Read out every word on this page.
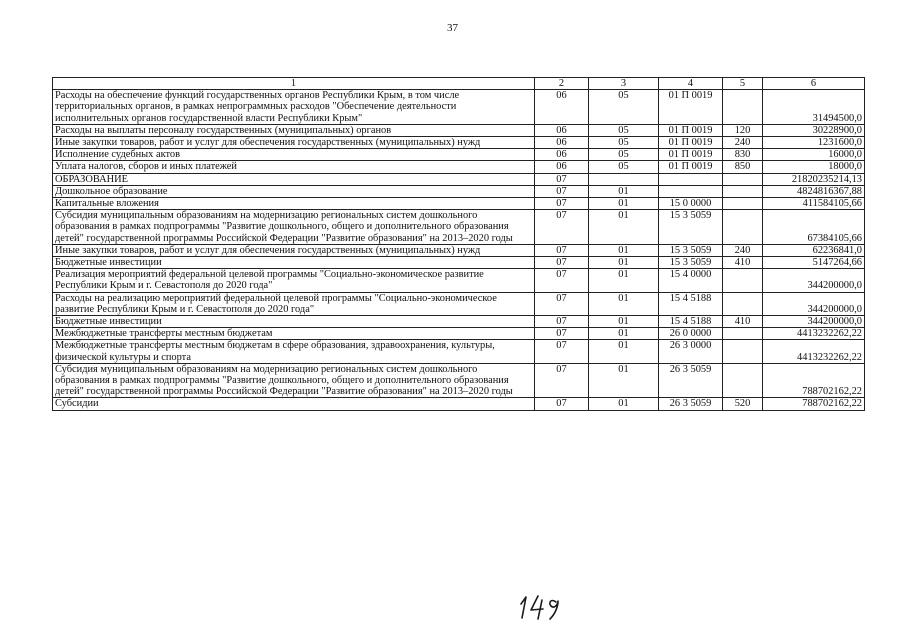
37
1	2	3	4	5	6
Расходы на обеспечение функций государственных органов Республики Крым, в том числе территориальных органов, в рамках непрограммных расходов "Обеспечение деятельности исполнительных органов государственной власти Республики Крым"	06	05	01 П 0019		31494500,0
Расходы на выплаты персоналу государственных (муниципальных) органов	06	05	01 П 0019	120	30228900,0
Иные закупки товаров, работ и услуг для обеспечения государственных (муниципальных) нужд	06	05	01 П 0019	240	1231600,0
Исполнение судебных актов	06	05	01 П 0019	830	16000,0
Уплата налогов, сборов и иных платежей	06	05	01 П 0019	850	18000,0
ОБРАЗОВАНИЕ	07				21820235214,13
Дошкольное образование	07	01			4824816367,88
Капитальные вложения	07	01	15 0 0000		411584105,66
Субсидия муниципальным образованиям на модернизацию региональных систем дошкольного образования в рамках подпрограммы "Развитие дошкольного, общего и дополнительного образования детей" государственной программы Российской Федерации "Развитие образования" на 2013–2020 годы	07	01	15 3 5059		67384105,66
Иные закупки товаров, работ и услуг для обеспечения государственных (муниципальных) нужд	07	01	15 3 5059	240	62236841,0
Бюджетные инвестиции	07	01	15 3 5059	410	5147264,66
Реализация мероприятий федеральной целевой программы "Социально-экономическое развитие Республики Крым и г. Севастополя до 2020 года"	07	01	15 4 0000		344200000,0
Расходы на реализацию мероприятий федеральной целевой программы "Социально-экономическое развитие Республики Крым и г. Севастополя до 2020 года"	07	01	15 4 5188		344200000,0
Бюджетные инвестиции	07	01	15 4 5188	410	344200000,0
Межбюджетные трансферты местным бюджетам	07	01	26 0 0000		4413232262,22
Межбюджетные трансферты местным бюджетам в сфере образования, здравоохранения, культуры, физической культуры и спорта	07	01	26 3 0000		4413232262,22
Субсидия муниципальным образованиям на модернизацию региональных систем дошкольного образования в рамках подпрограммы "Развитие дошкольного, общего и дополнительного образования детей" государственной программы Российской Федерации "Развитие образования" на 2013–2020 годы	07	01	26 3 5059		788702162,22
Субсидии	07	01	26 3 5059	520	788702162,22
